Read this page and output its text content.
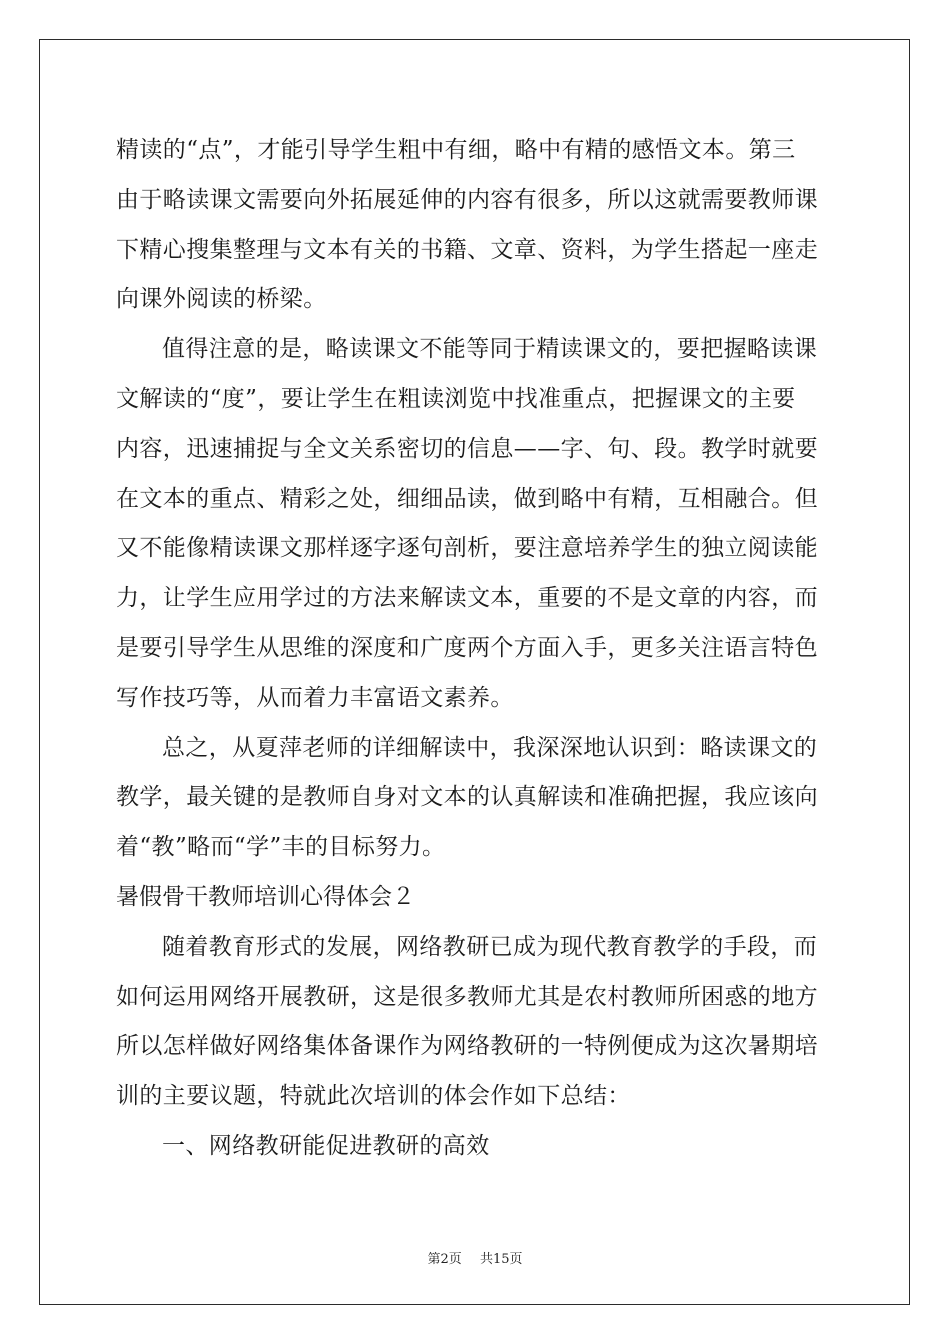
精读的“点”，才能引导学生粗中有细，略中有精的感悟文本。第三
由于略读课文需要向外拓展延伸的内容有很多，所以这就需要教师课
下精心搜集整理与文本有关的书籍、文章、资料，为学生搭起一座走
向课外阅读的桥梁。
值得注意的是，略读课文不能等同于精读课文的，要把握略读课
文解读的“度”，要让学生在粗读浏览中找准重点，把握课文的主要
内容，迅速捕捉与全文关系密切的信息——字、句、段。教学时就要
在文本的重点、精彩之处，细细品读，做到略中有精，互相融合。但
又不能像精读课文那样逐字逐句剖析，要注意培养学生的独立阅读能
力，让学生应用学过的方法来解读文本，重要的不是文章的内容，而
是要引导学生从思维的深度和广度两个方面入手，更多关注语言特色
写作技巧等，从而着力丰富语文素养。
总之，从夏萍老师的详细解读中，我深深地认识到：略读课文的
教学，最关键的是教师自身对文本的认真解读和准确把握，我应该向
着“教”略而“学”丰的目标努力。
暑假骨干教师培训心得体会２
随着教育形式的发展，网络教研已成为现代教育教学的手段，而
如何运用网络开展教研，这是很多教师尤其是农村教师所困惑的地方
所以怎样做好网络集体备课作为网络教研的一特例便成为这次暑期培
训的主要议题，特就此次培训的体会作如下总结：
一、网络教研能促进教研的高效
第2页 共15页
